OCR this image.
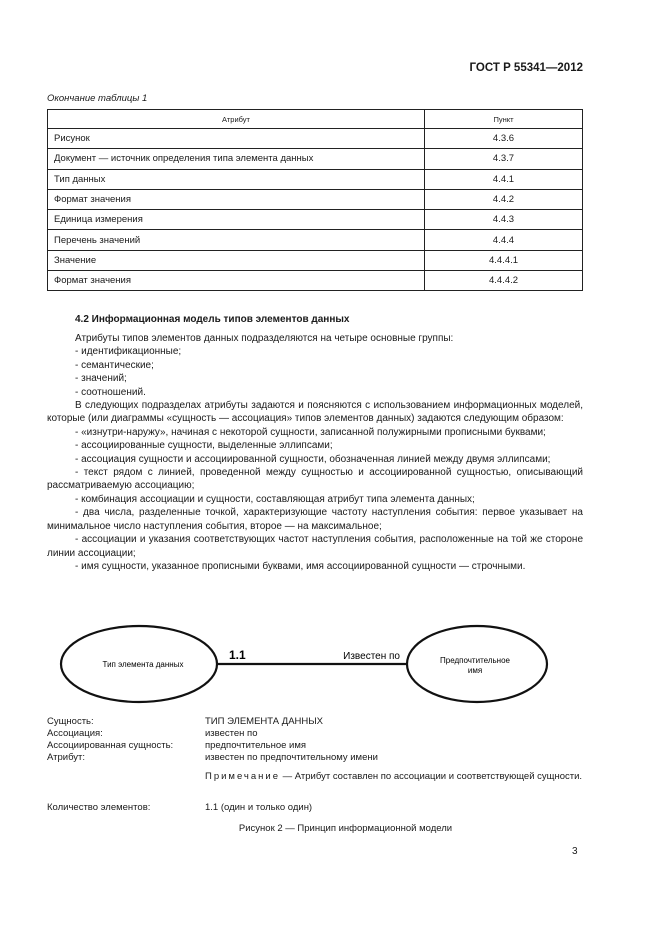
ГОСТ Р 55341—2012
Окончание таблицы 1
Атрибут	Пункт
Рисунок	4.3.6
Документ — источник определения типа элемента данных	4.3.7
Тип данных	4.4.1
Формат значения	4.4.2
Единица измерения	4.4.3
Перечень значений	4.4.4
Значение	4.4.4.1
Формат значения	4.4.4.2
4.2 Информационная модель типов элементов данных

Атрибуты типов элементов данных подразделяются на четыре основные группы:

- идентификационные;

- семантические;

- значений;

- соотношений.

В следующих подразделах атрибуты задаются и поясняются с использованием информационных моделей, которые (или диаграммы «сущность — ассоциация» типов элементов данных) задаются следующим образом:

- «изнутри-наружу», начиная с некоторой сущности, записанной полужирными прописными буквами;

- ассоциированные сущности, выделенные эллипсами;

- ассоциация сущности и ассоциированной сущности, обозначенная линией между двумя эллипсами;

- текст рядом с линией, проведенной между сущностью и ассоциированной сущностью, описывающий рассматриваемую ассоциацию;

- комбинация ассоциации и сущности, составляющая атрибут типа элемента данных;

- два числа, разделенные точкой, характеризующие частоту наступления события: первое указывает на минимальное число наступления события, второе — на максимальное;

- ассоциации и указания соответствующих частот наступления события, расположенные на той же стороне линии ассоциации;

- имя сущности, указанное прописными буквами, имя ассоциированной сущности — строчными.

Тип элемента данных	Предпочтительное
имя
1.1	Известен по
Сущность:	ТИП ЭЛЕМЕНТА ДАННЫХ
Ассоциация:	известен по
Ассоциированная сущность:	предпочтительное имя
Атрибут:	известен по предпочтительному имени
Примечание — Атрибут составлен по ассоциации и соответствующей сущности.
Количество элементов:	1.1 (один и только один)
Рисунок 2 — Принцип информационной модели
3
